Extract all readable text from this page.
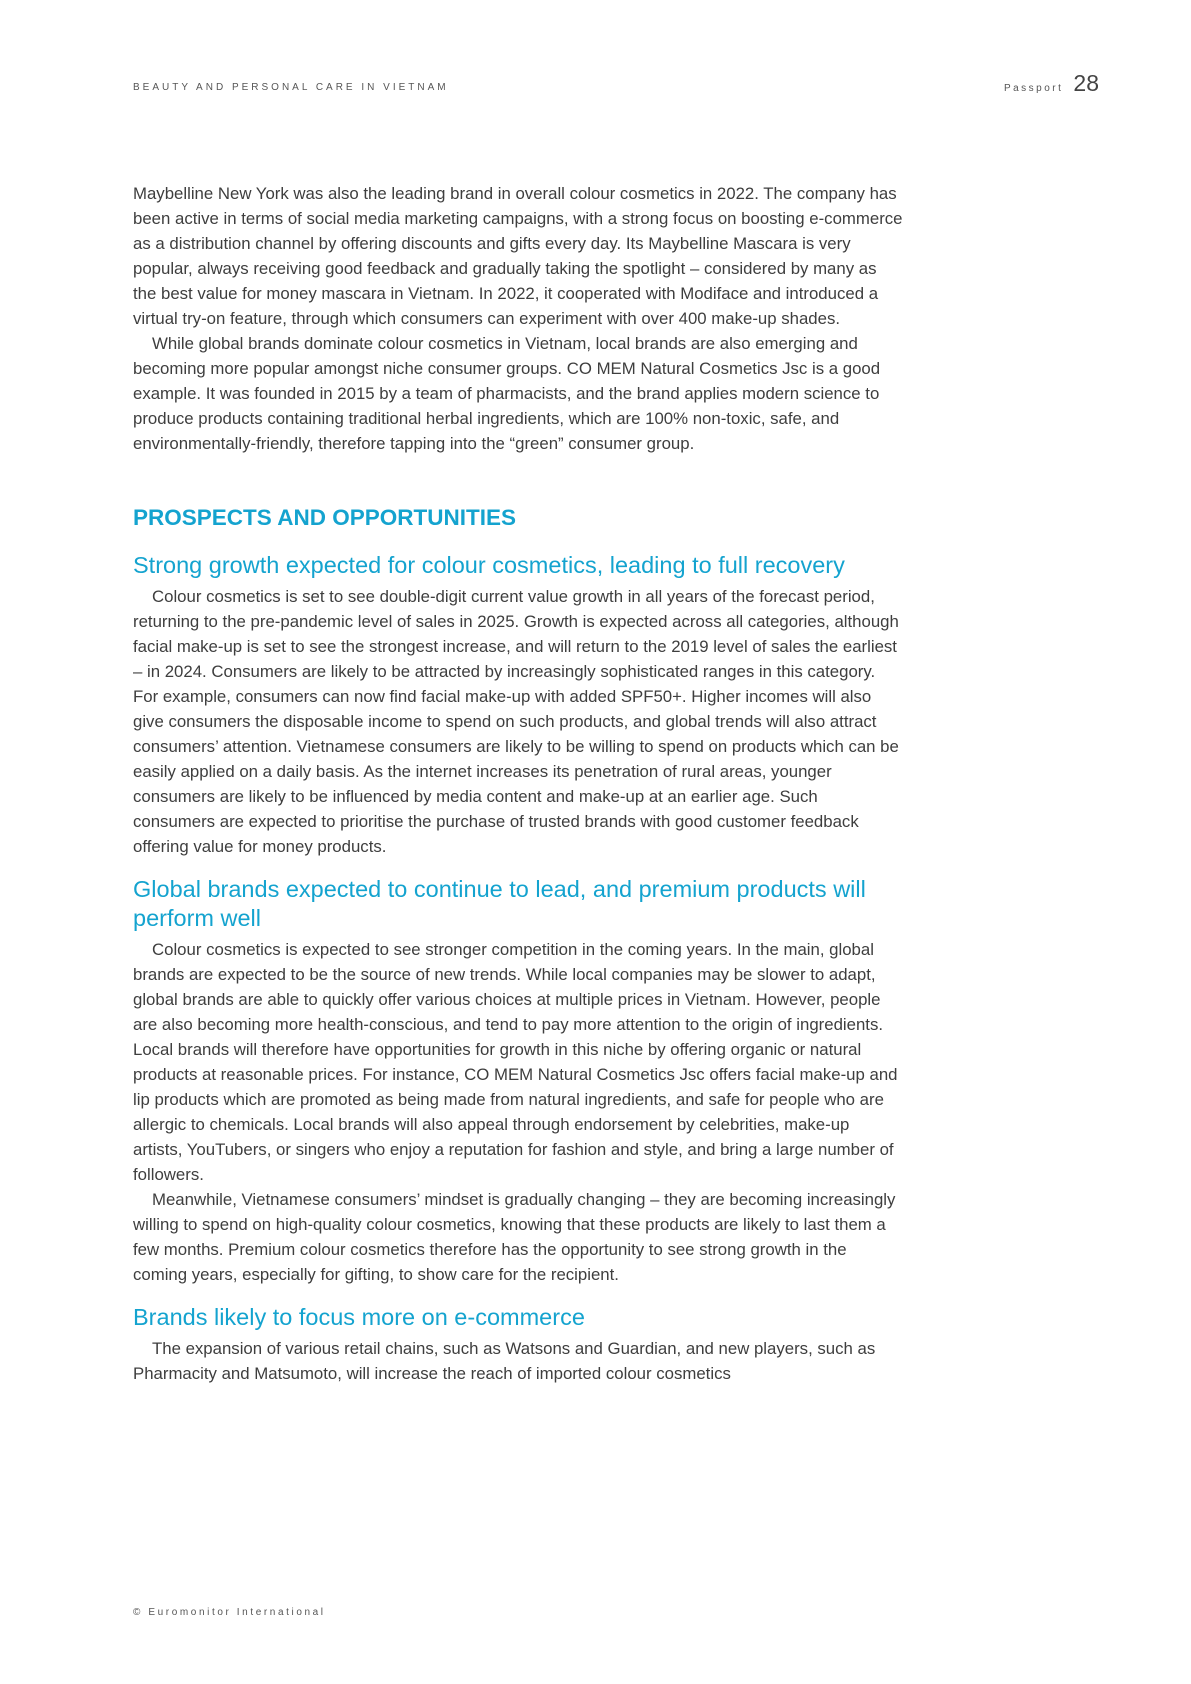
BEAUTY AND PERSONAL CARE IN VIETNAM	Passport 28

Maybelline New York was also the leading brand in overall colour cosmetics in 2022. The company has been active in terms of social media marketing campaigns, with a strong focus on boosting e-commerce as a distribution channel by offering discounts and gifts every day. Its Maybelline Mascara is very popular, always receiving good feedback and gradually taking the spotlight – considered by many as the best value for money mascara in Vietnam. In 2022, it cooperated with Modiface and introduced a virtual try-on feature, through which consumers can experiment with over 400 make-up shades.

While global brands dominate colour cosmetics in Vietnam, local brands are also emerging and becoming more popular amongst niche consumer groups. CO MEM Natural Cosmetics Jsc is a good example. It was founded in 2015 by a team of pharmacists, and the brand applies modern science to produce products containing traditional herbal ingredients, which are 100% non-toxic, safe, and environmentally-friendly, therefore tapping into the “green” consumer group.

PROSPECTS AND OPPORTUNITIES
Strong growth expected for colour cosmetics, leading to full recovery

Colour cosmetics is set to see double-digit current value growth in all years of the forecast period, returning to the pre-pandemic level of sales in 2025. Growth is expected across all categories, although facial make-up is set to see the strongest increase, and will return to the 2019 level of sales the earliest – in 2024. Consumers are likely to be attracted by increasingly sophisticated ranges in this category. For example, consumers can now find facial make-up with added SPF50+. Higher incomes will also give consumers the disposable income to spend on such products, and global trends will also attract consumers’ attention. Vietnamese consumers are likely to be willing to spend on products which can be easily applied on a daily basis. As the internet increases its penetration of rural areas, younger consumers are likely to be influenced by media content and make-up at an earlier age. Such consumers are expected to prioritise the purchase of trusted brands with good customer feedback offering value for money products.

Global brands expected to continue to lead, and premium products will perform well

Colour cosmetics is expected to see stronger competition in the coming years. In the main, global brands are expected to be the source of new trends. While local companies may be slower to adapt, global brands are able to quickly offer various choices at multiple prices in Vietnam. However, people are also becoming more health-conscious, and tend to pay more attention to the origin of ingredients. Local brands will therefore have opportunities for growth in this niche by offering organic or natural products at reasonable prices. For instance, CO MEM Natural Cosmetics Jsc offers facial make-up and lip products which are promoted as being made from natural ingredients, and safe for people who are allergic to chemicals. Local brands will also appeal through endorsement by celebrities, make-up artists, YouTubers, or singers who enjoy a reputation for fashion and style, and bring a large number of followers.

Meanwhile, Vietnamese consumers’ mindset is gradually changing – they are becoming increasingly willing to spend on high-quality colour cosmetics, knowing that these products are likely to last them a few months. Premium colour cosmetics therefore has the opportunity to see strong growth in the coming years, especially for gifting, to show care for the recipient.

Brands likely to focus more on e-commerce

The expansion of various retail chains, such as Watsons and Guardian, and new players, such as Pharmacity and Matsumoto, will increase the reach of imported colour cosmetics

© Euromonitor International
